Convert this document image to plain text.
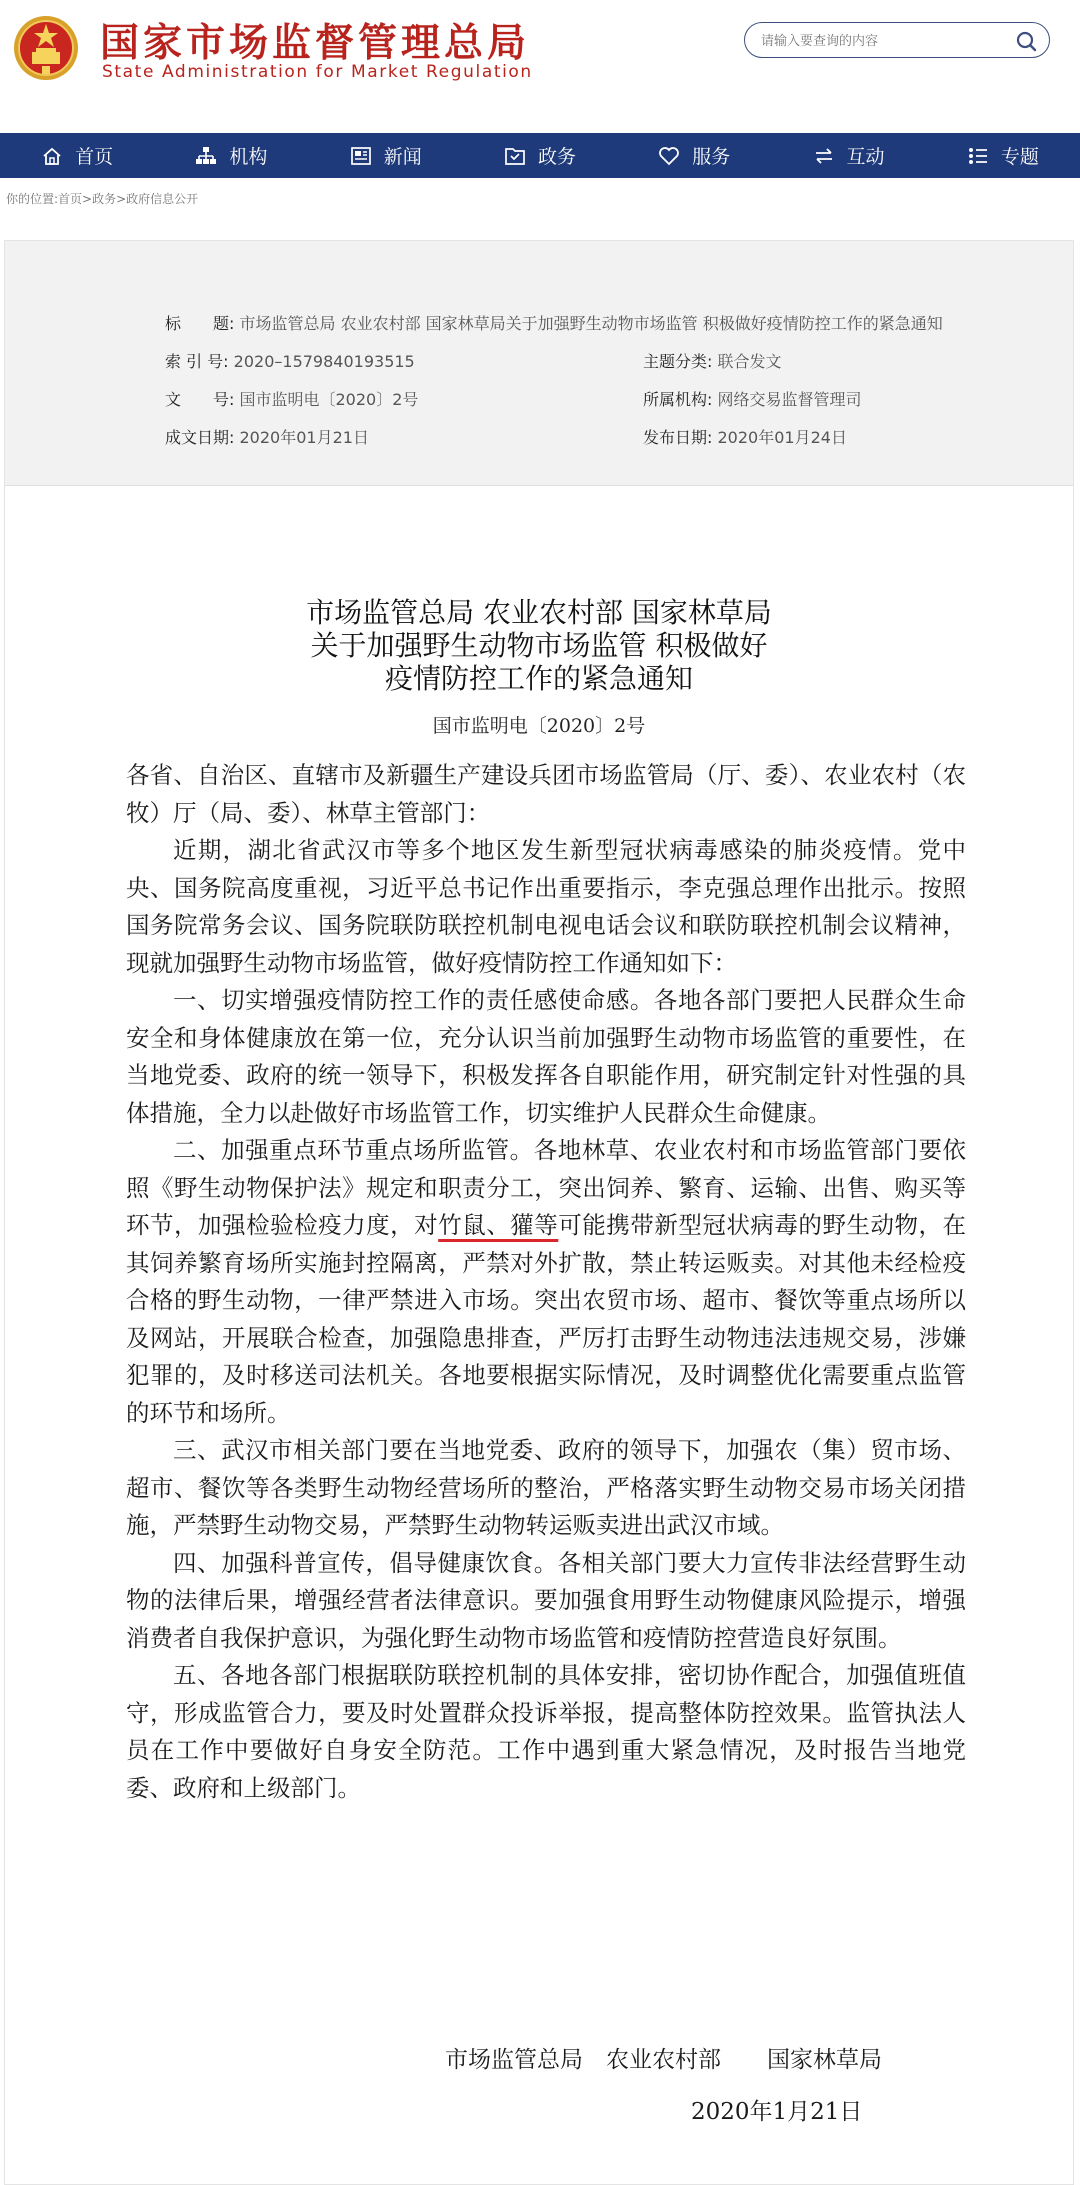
国家市场监督管理总局
State Administration for Market Regulation
请输入要查询的内容
首页	机构	新闻	政务	服务	互动	专题
你的位置:首页>政务>政府信息公开
标　　题: 市场监管总局 农业农村部 国家林草局关于加强野生动物市场监管 积极做好疫情防控工作的紧急通知
索 引 号: 2020–1579840193515	主题分类: 联合发文
文　　号: 国市监明电〔2020〕2号	所属机构: 网络交易监督管理司
成文日期: 2020年01月21日	发布日期: 2020年01月24日
市场监管总局 农业农村部 国家林草局
关于加强野生动物市场监管 积极做好
疫情防控工作的紧急通知
国市监明电〔2020〕2号

各省、自治区、直辖市及新疆生产建设兵团市场监管局（厅、委）、农业农村（农牧）厅（局、委）、林草主管部门：

近期，湖北省武汉市等多个地区发生新型冠状病毒感染的肺炎疫情。党中央、国务院高度重视，习近平总书记作出重要指示，李克强总理作出批示。按照国务院常务会议、国务院联防联控机制电视电话会议和联防联控机制会议精神，现就加强野生动物市场监管，做好疫情防控工作通知如下：

一、切实增强疫情防控工作的责任感使命感。各地各部门要把人民群众生命安全和身体健康放在第一位，充分认识当前加强野生动物市场监管的重要性，在当地党委、政府的统一领导下，积极发挥各自职能作用，研究制定针对性强的具体措施，全力以赴做好市场监管工作，切实维护人民群众生命健康。

二、加强重点环节重点场所监管。各地林草、农业农村和市场监管部门要依照《野生动物保护法》规定和职责分工，突出饲养、繁育、运输、出售、购买等环节，加强检验检疫力度，对竹鼠、獾等可能携带新型冠状病毒的野生动物，在其饲养繁育场所实施封控隔离，严禁对外扩散，禁止转运贩卖。对其他未经检疫合格的野生动物，一律严禁进入市场。突出农贸市场、超市、餐饮等重点场所以及网站，开展联合检查，加强隐患排查，严厉打击野生动物违法违规交易，涉嫌犯罪的，及时移送司法机关。各地要根据实际情况，及时调整优化需要重点监管的环节和场所。

三、武汉市相关部门要在当地党委、政府的领导下，加强农（集）贸市场、超市、餐饮等各类野生动物经营场所的整治，严格落实野生动物交易市场关闭措施，严禁野生动物交易，严禁野生动物转运贩卖进出武汉市域。

四、加强科普宣传，倡导健康饮食。各相关部门要大力宣传非法经营野生动物的法律后果，增强经营者法律意识。要加强食用野生动物健康风险提示，增强消费者自我保护意识，为强化野生动物市场监管和疫情防控营造良好氛围。

五、各地各部门根据联防联控机制的具体安排，密切协作配合，加强值班值守，形成监管合力，要及时处置群众投诉举报，提高整体防控效果。监管执法人员在工作中要做好自身安全防范。工作中遇到重大紧急情况，及时报告当地党委、政府和上级部门。

市场监管总局　农业农村部　　国家林草局
2020年1月21日
